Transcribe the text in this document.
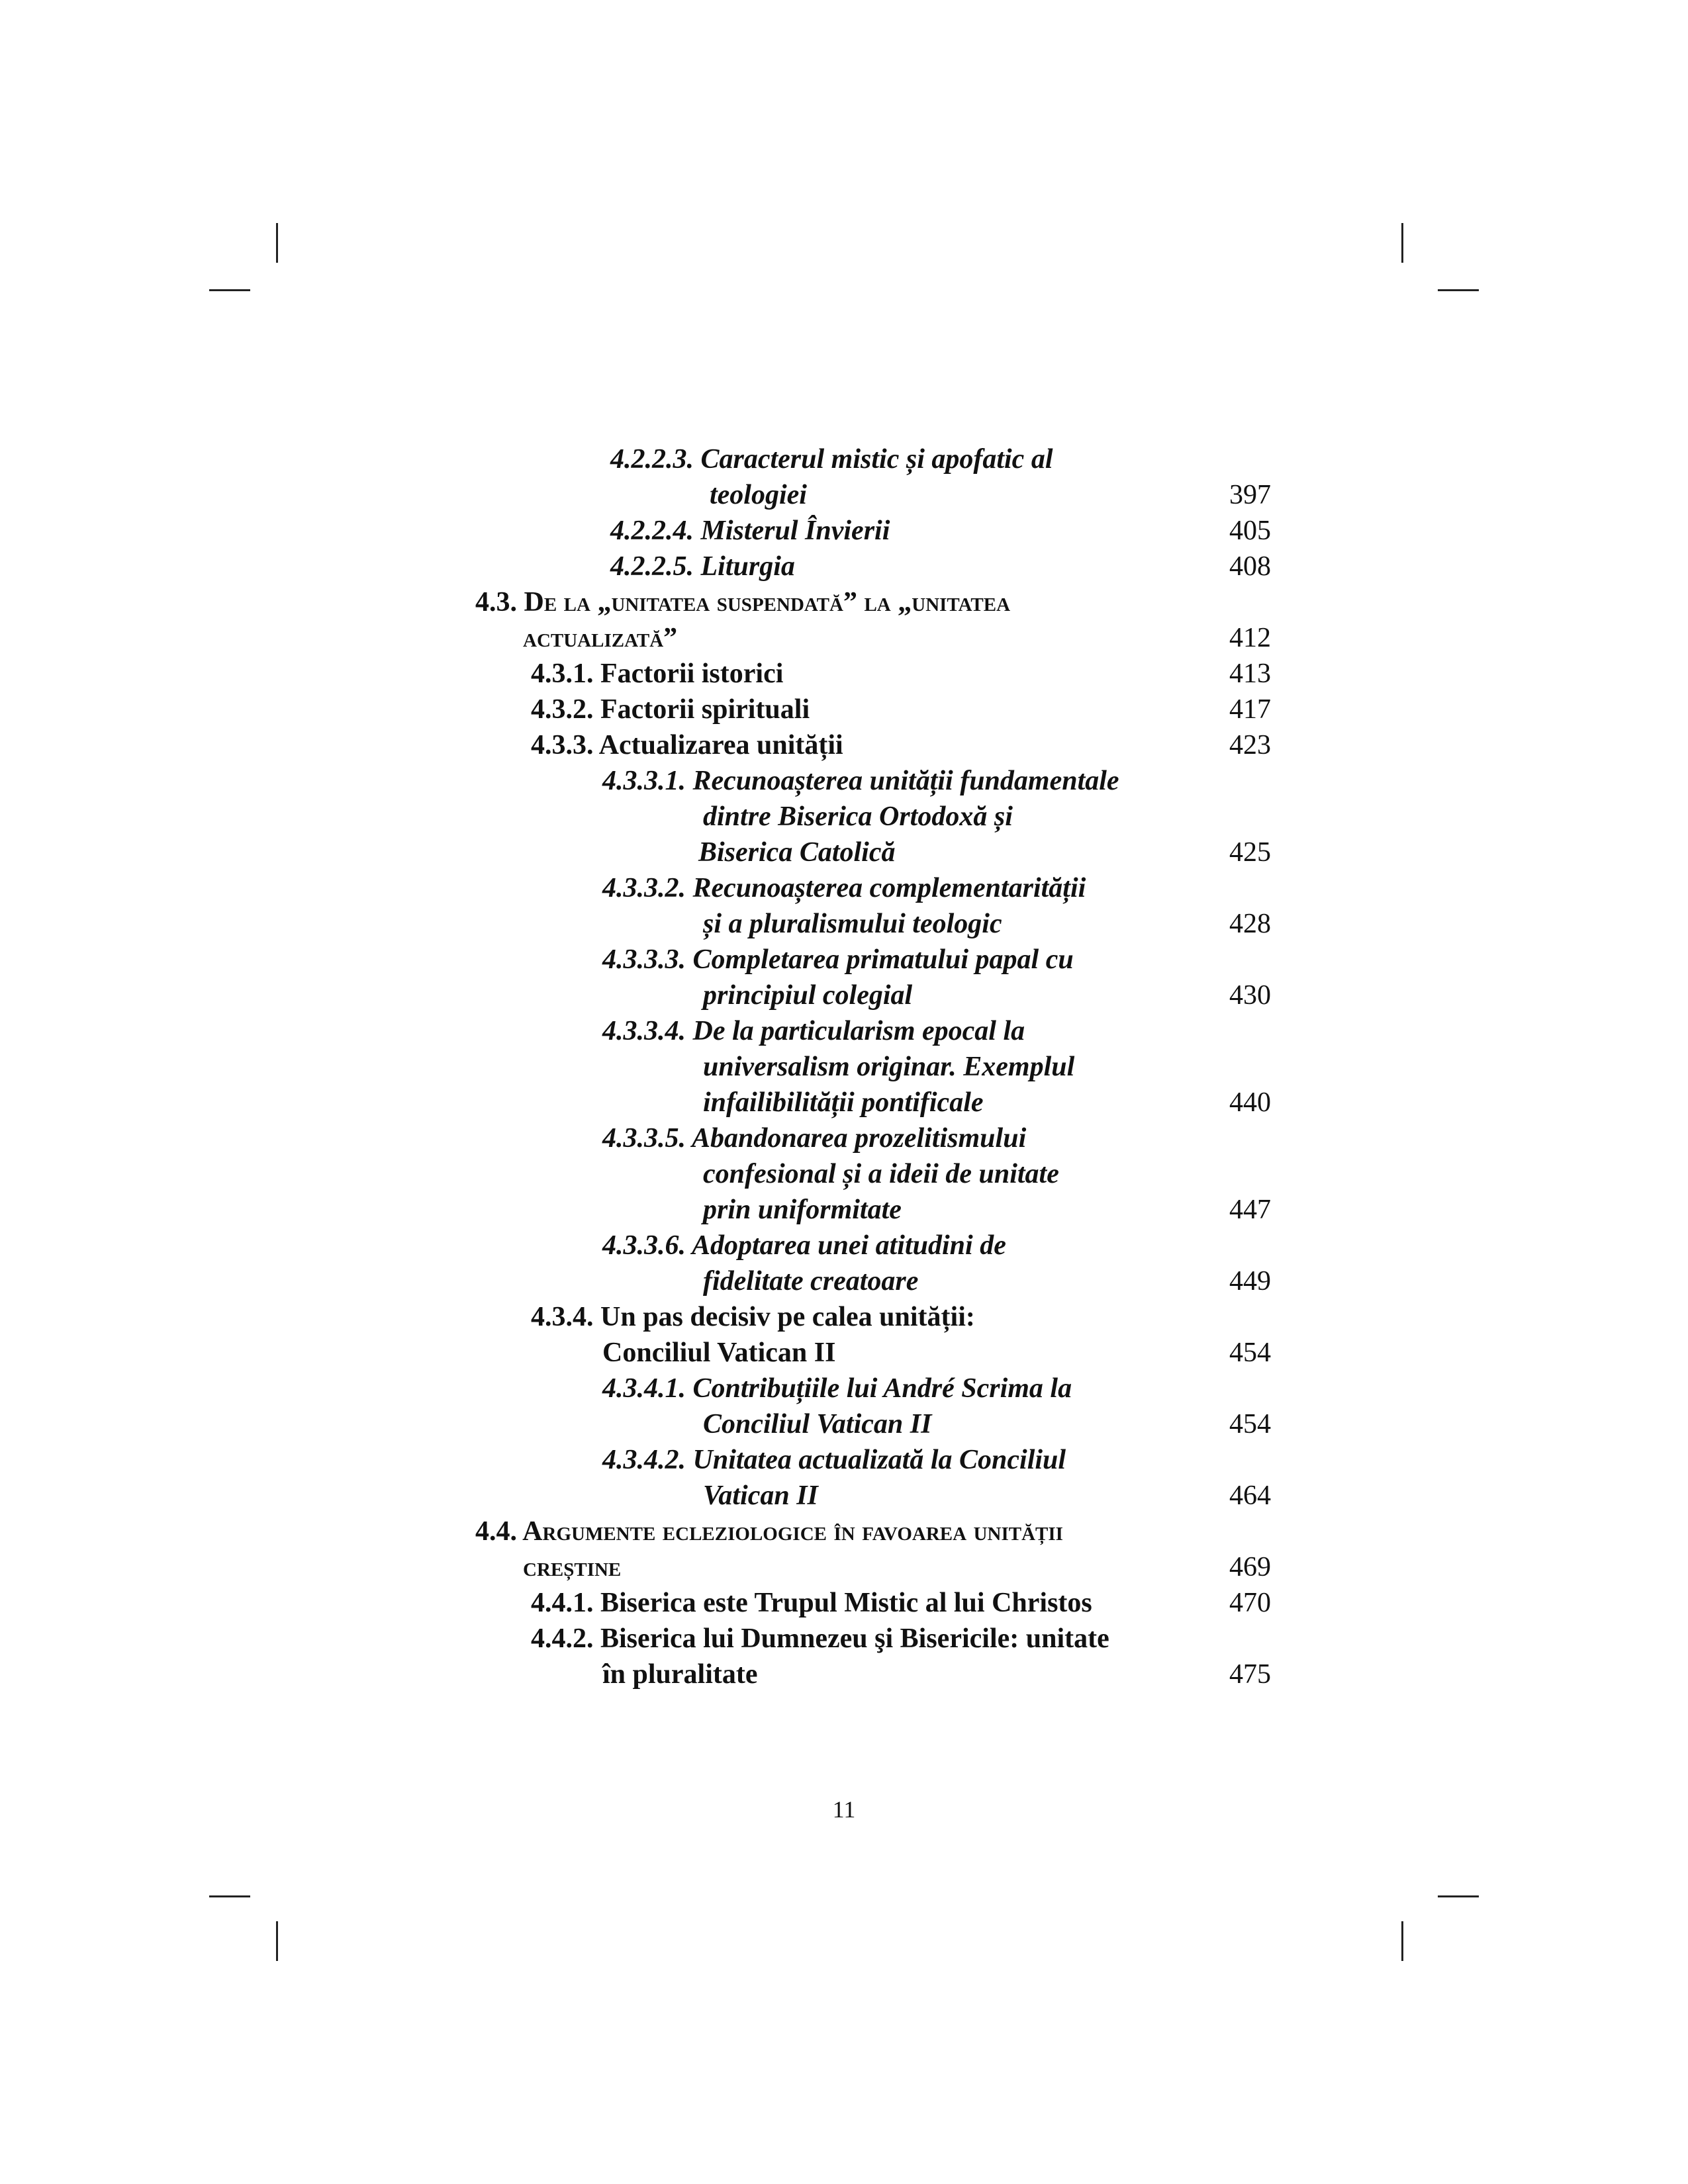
4.2.2.3. Caracterul mistic și apofatic al
teologiei	397
4.2.2.4. Misterul Învierii	405
4.2.2.5. Liturgia	408
4.3. De la „unitatea suspendată” la „unitatea
actualizată”	412
4.3.1. Factorii istorici	413
4.3.2. Factorii spirituali	417
4.3.3. Actualizarea unității	423
4.3.3.1. Recunoașterea unității fundamentale
dintre Biserica Ortodoxă și
Biserica Catolică	425
4.3.3.2. Recunoașterea complementarității
și a pluralismului teologic	428
4.3.3.3. Completarea primatului papal cu
principiul colegial	430
4.3.3.4. De la particularism epocal la
universalism originar. Exemplul
infailibilității pontificale	440
4.3.3.5. Abandonarea prozelitismului
confesional și a ideii de unitate
prin uniformitate	447
4.3.3.6. Adoptarea unei atitudini de
fidelitate creatoare	449
4.3.4. Un pas decisiv pe calea unității:
Conciliul Vatican II	454
4.3.4.1. Contribuțiile lui André Scrima la
Conciliul Vatican II	454
4.3.4.2. Unitatea actualizată la Conciliul
Vatican II	464
4.4. Argumente ecleziologice în favoarea unității
creștine	469
4.4.1. Biserica este Trupul Mistic al lui Christos	470
4.4.2. Biserica lui Dumnezeu şi Bisericile: unitate
în pluralitate	475
11
